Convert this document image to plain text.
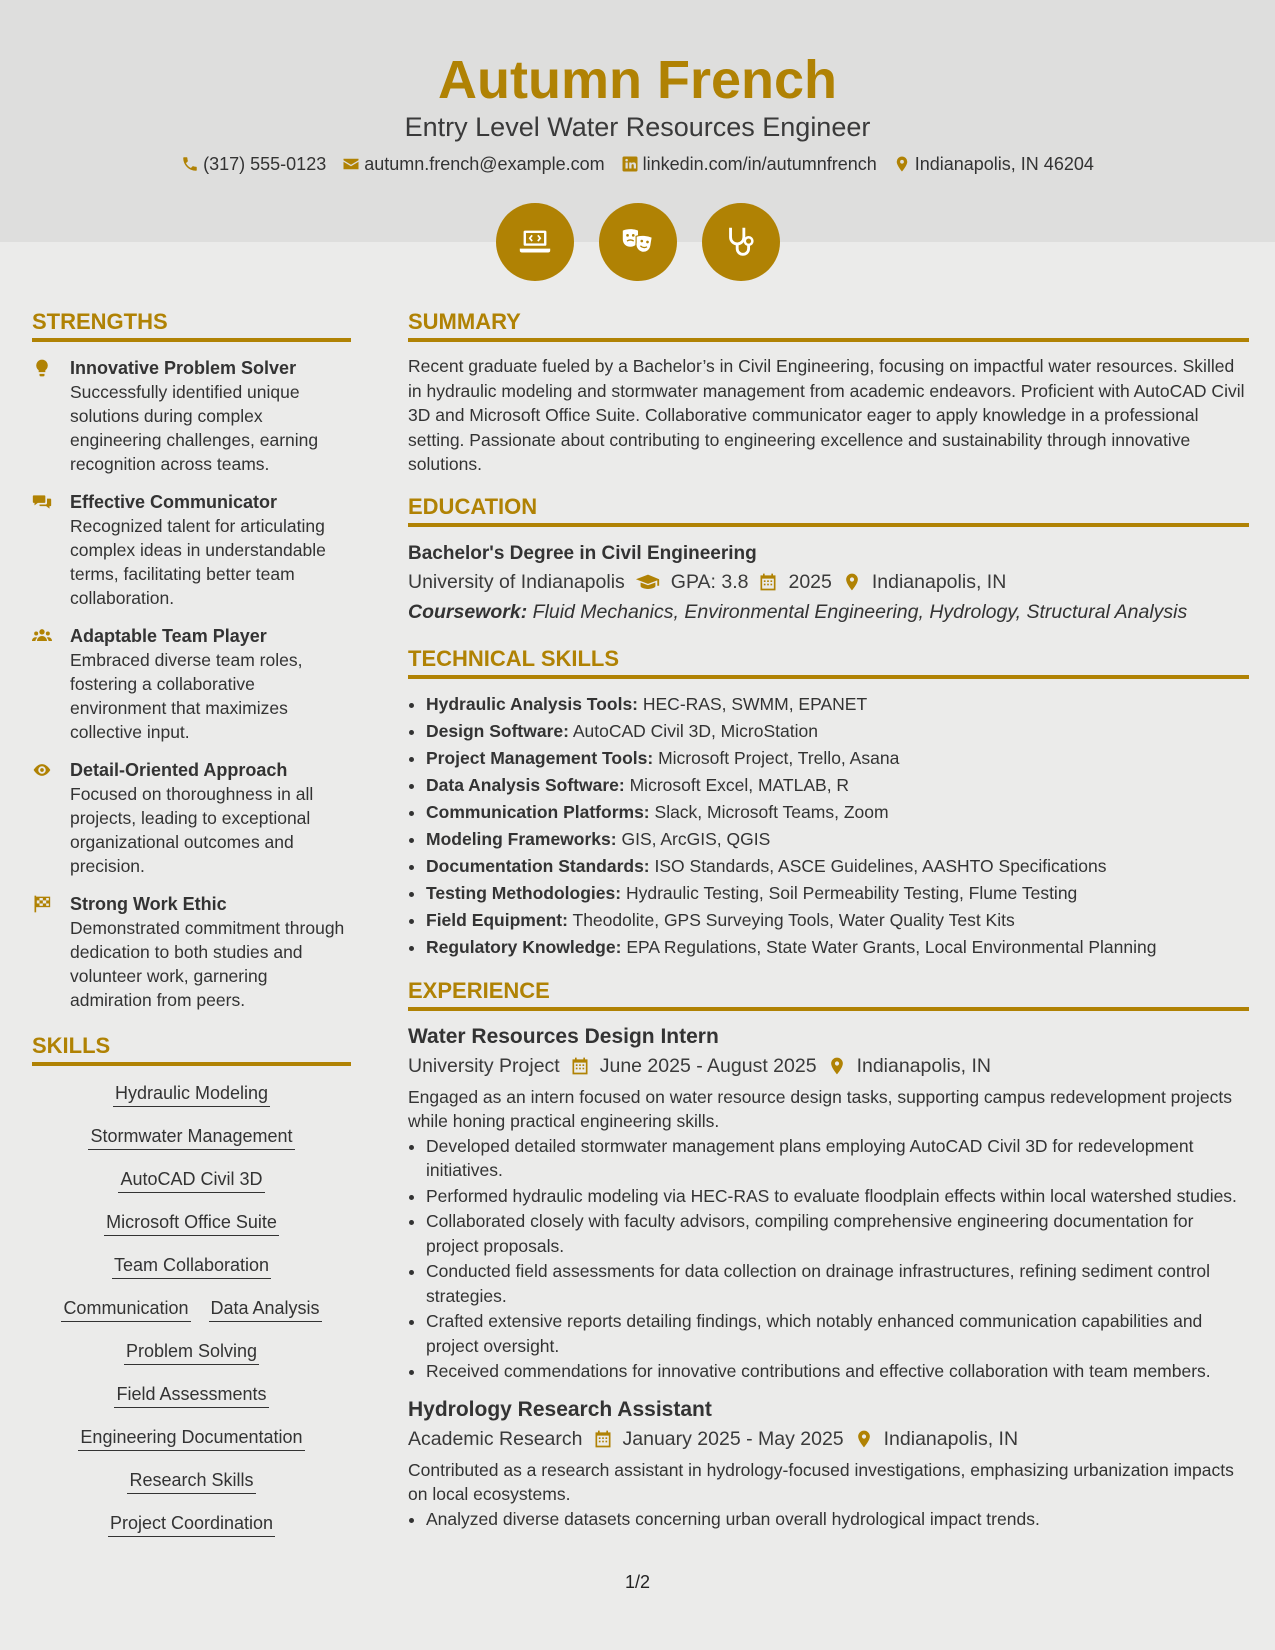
Autumn French
Entry Level Water Resources Engineer
(317) 555-0123 autumn.french@example.com linkedin.com/in/autumnfrench Indianapolis, IN 46204
STRENGTHS
Innovative Problem Solver
Successfully identified unique solutions during complex engineering challenges, earning recognition across teams.
Effective Communicator
Recognized talent for articulating complex ideas in understandable terms, facilitating better team collaboration.
Adaptable Team Player
Embraced diverse team roles, fostering a collaborative environment that maximizes collective input.
Detail-Oriented Approach
Focused on thoroughness in all projects, leading to exceptional organizational outcomes and precision.
Strong Work Ethic
Demonstrated commitment through dedication to both studies and volunteer work, garnering admiration from peers.
SKILLS
Hydraulic Modeling
Stormwater Management
AutoCAD Civil 3D
Microsoft Office Suite
Team Collaboration
Communication Data Analysis
Problem Solving
Field Assessments
Engineering Documentation
Research Skills
Project Coordination
SUMMARY
Recent graduate fueled by a Bachelor’s in Civil Engineering, focusing on impactful water resources. Skilled in hydraulic modeling and stormwater management from academic endeavors. Proficient with AutoCAD Civil 3D and Microsoft Office Suite. Collaborative communicator eager to apply knowledge in a professional setting. Passionate about contributing to engineering excellence and sustainability through innovative solutions.
EDUCATION
Bachelor's Degree in Civil Engineering
University of Indianapolis GPA: 3.8 2025 Indianapolis, IN
Coursework: Fluid Mechanics, Environmental Engineering, Hydrology, Structural Analysis
TECHNICAL SKILLS
• Hydraulic Analysis Tools: HEC-RAS, SWMM, EPANET
• Design Software: AutoCAD Civil 3D, MicroStation
• Project Management Tools: Microsoft Project, Trello, Asana
• Data Analysis Software: Microsoft Excel, MATLAB, R
• Communication Platforms: Slack, Microsoft Teams, Zoom
• Modeling Frameworks: GIS, ArcGIS, QGIS
• Documentation Standards: ISO Standards, ASCE Guidelines, AASHTO Specifications
• Testing Methodologies: Hydraulic Testing, Soil Permeability Testing, Flume Testing
• Field Equipment: Theodolite, GPS Surveying Tools, Water Quality Test Kits
• Regulatory Knowledge: EPA Regulations, State Water Grants, Local Environmental Planning
EXPERIENCE
Water Resources Design Intern
University Project June 2025 - August 2025 Indianapolis, IN
Engaged as an intern focused on water resource design tasks, supporting campus redevelopment projects while honing practical engineering skills.
• Developed detailed stormwater management plans employing AutoCAD Civil 3D for redevelopment initiatives.
• Performed hydraulic modeling via HEC-RAS to evaluate floodplain effects within local watershed studies.
• Collaborated closely with faculty advisors, compiling comprehensive engineering documentation for project proposals.
• Conducted field assessments for data collection on drainage infrastructures, refining sediment control strategies.
• Crafted extensive reports detailing findings, which notably enhanced communication capabilities and project oversight.
• Received commendations for innovative contributions and effective collaboration with team members.
Hydrology Research Assistant
Academic Research January 2025 - May 2025 Indianapolis, IN
Contributed as a research assistant in hydrology-focused investigations, emphasizing urbanization impacts on local ecosystems.
• Analyzed diverse datasets concerning urban overall hydrological impact trends.
1/2
